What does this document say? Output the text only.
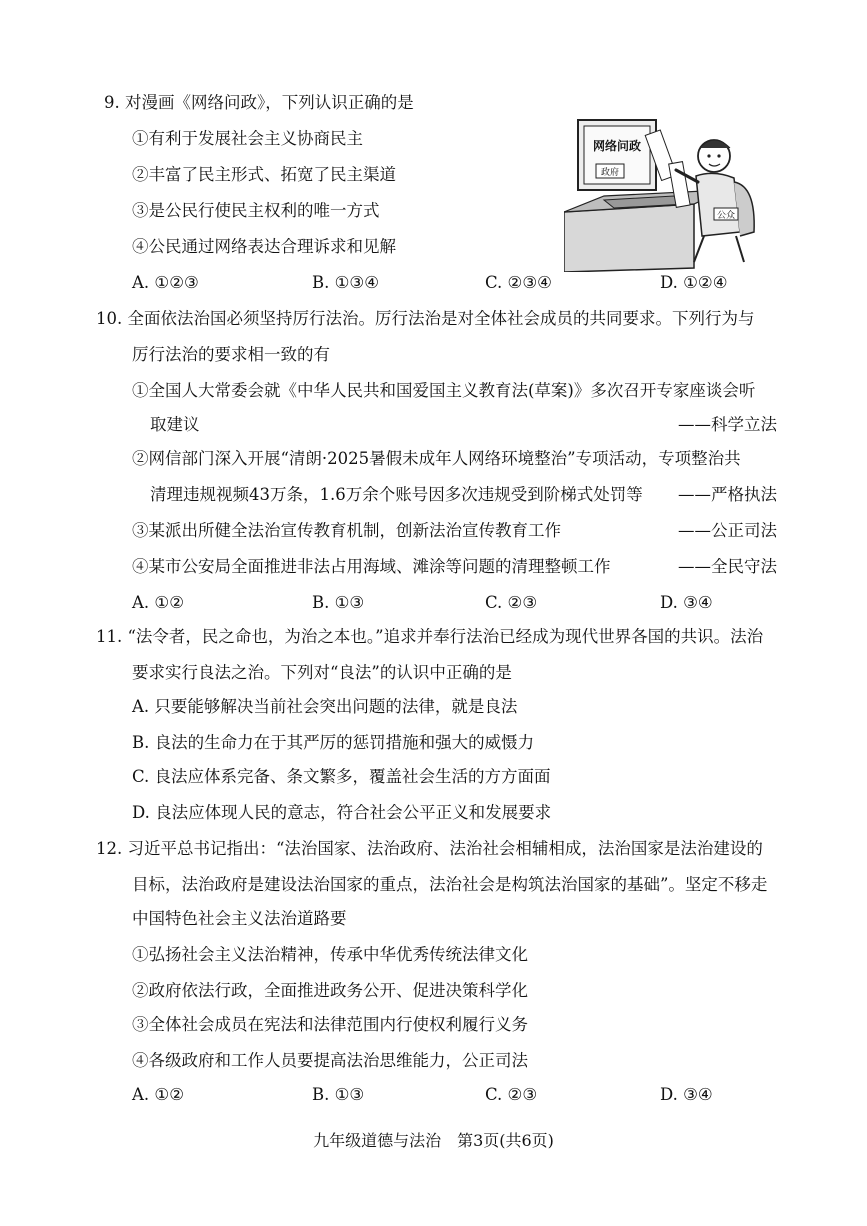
9. 对漫画《网络问政》，下列认识正确的是
①有利于发展社会主义协商民主
②丰富了民主形式、拓宽了民主渠道
③是公民行使民主权利的唯一方式
④公民通过网络表达合理诉求和见解
网络问政
政府
公众
A. ①②③	B. ①③④	C. ②③④	D. ①②④
10. 全面依法治国必须坚持厉行法治。厉行法治是对全体社会成员的共同要求。下列行为与
厉行法治的要求相一致的有
①全国人大常委会就《中华人民共和国爱国主义教育法(草案)》多次召开专家座谈会听
取建议	——科学立法
②网信部门深入开展“清朗·2025暑假未成年人网络环境整治”专项活动，专项整治共
清理违规视频43万条，1.6万余个账号因多次违规受到阶梯式处罚等 ——严格执法
③某派出所健全法治宣传教育机制，创新法治宣传教育工作	——公正司法
④某市公安局全面推进非法占用海域、滩涂等问题的清理整顿工作	——全民守法
A. ①②	B. ①③	C. ②③	D. ③④
11. “法令者，民之命也，为治之本也。”追求并奉行法治已经成为现代世界各国的共识。法治
要求实行良法之治。下列对“良法”的认识中正确的是
A. 只要能够解决当前社会突出问题的法律，就是良法
B. 良法的生命力在于其严厉的惩罚措施和强大的威慑力
C. 良法应体系完备、条文繁多，覆盖社会生活的方方面面
D. 良法应体现人民的意志，符合社会公平正义和发展要求
12. 习近平总书记指出：“法治国家、法治政府、法治社会相辅相成，法治国家是法治建设的
目标，法治政府是建设法治国家的重点，法治社会是构筑法治国家的基础”。坚定不移走
中国特色社会主义法治道路要
①弘扬社会主义法治精神，传承中华优秀传统法律文化
②政府依法行政，全面推进政务公开、促进决策科学化
③全体社会成员在宪法和法律范围内行使权利履行义务
④各级政府和工作人员要提高法治思维能力，公正司法
A. ①②	B. ①③	C. ②③	D. ③④
九年级道德与法治　第3页(共6页)
